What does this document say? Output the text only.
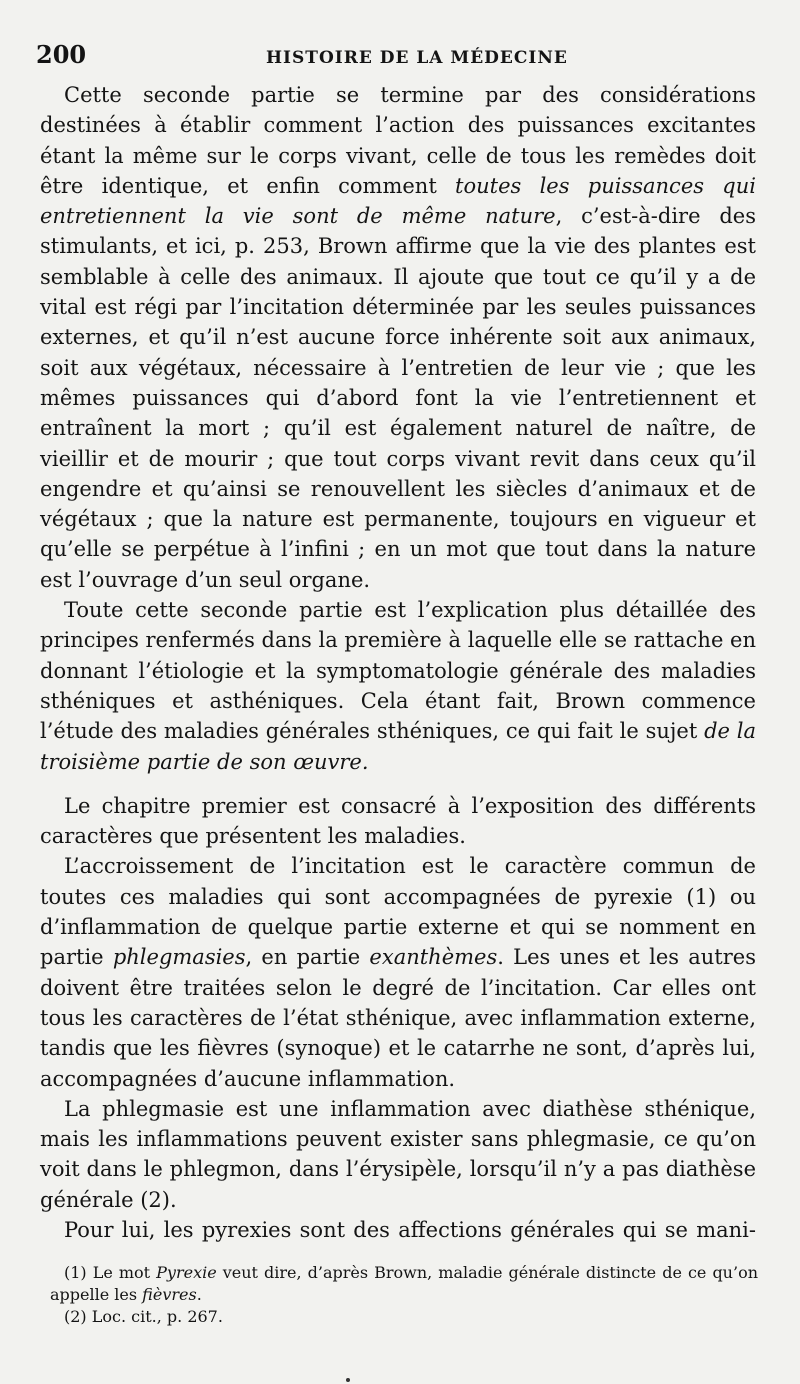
200	HISTOIRE DE LA MÉDECINE

Cette seconde partie se termine par des considérations destinées à établir comment l’action des puissances excitantes étant la même sur le corps vivant, celle de tous les remèdes doit être identique, et enfin comment toutes les puissances qui entretiennent la vie sont de même nature, c’est-à-dire des stimulants, et ici, p. 253, Brown affirme que la vie des plantes est semblable à celle des animaux. Il ajoute que tout ce qu’il y a de vital est régi par l’incitation déterminée par les seules puissances externes, et qu’il n’est aucune force inhérente soit aux animaux, soit aux végétaux, nécessaire à l’entretien de leur vie ; que les mêmes puissances qui d’abord font la vie l’entretiennent et entraînent la mort ; qu’il est également naturel de naître, de vieillir et de mourir ; que tout corps vivant revit dans ceux qu’il engendre et qu’ainsi se renouvellent les siècles d’animaux et de végétaux ; que la nature est permanente, toujours en vigueur et qu’elle se perpétue à l’infini ; en un mot que tout dans la nature est l’ouvrage d’un seul organe.

Toute cette seconde partie est l’explication plus détaillée des principes renfermés dans la première à laquelle elle se rattache en donnant l’étiologie et la symptomatologie générale des maladies sthéniques et asthéniques. Cela étant fait, Brown commence l’étude des maladies générales sthéniques, ce qui fait le sujet de la troisième partie de son œuvre.

Le chapitre premier est consacré à l’exposition des différents caractères que présentent les maladies.

L’accroissement de l’incitation est le caractère commun de toutes ces maladies qui sont accompagnées de pyrexie (1) ou d’inflammation de quelque partie externe et qui se nomment en partie phlegmasies, en partie exanthèmes. Les unes et les autres doivent être traitées selon le degré de l’incitation. Car elles ont tous les caractères de l’état sthénique, avec inflammation externe, tandis que les fièvres (synoque) et le catarrhe ne sont, d’après lui, accompagnées d’aucune inflammation.

La phlegmasie est une inflammation avec diathèse sthénique, mais les inflammations peuvent exister sans phlegmasie, ce qu’on voit dans le phlegmon, dans l’érysipèle, lorsqu’il n’y a pas diathèse générale (2).

Pour lui, les pyrexies sont des affections générales qui se mani-

(1) Le mot Pyrexie veut dire, d’après Brown, maladie générale distincte de ce qu’on appelle les fièvres.

(2) Loc. cit., p. 267.
